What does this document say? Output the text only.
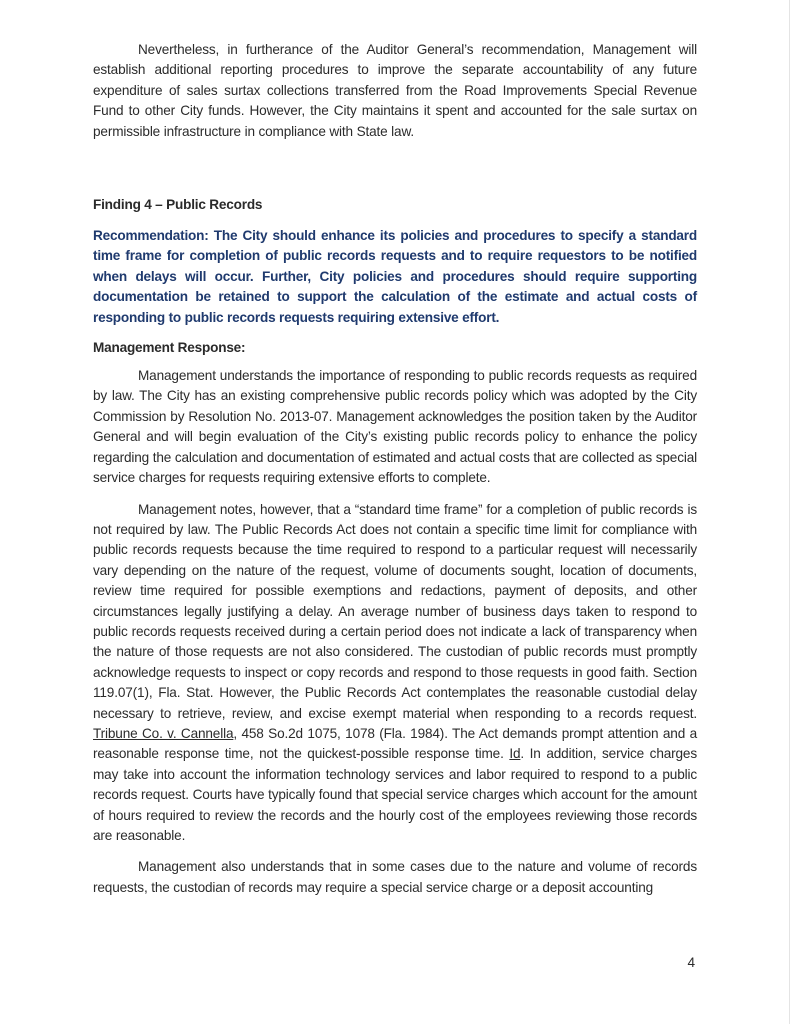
Nevertheless, in furtherance of the Auditor General’s recommendation, Management will establish additional reporting procedures to improve the separate accountability of any future expenditure of sales surtax collections transferred from the Road Improvements Special Revenue Fund to other City funds. However, the City maintains it spent and accounted for the sale surtax on permissible infrastructure in compliance with State law.

Finding 4 – Public Records

Recommendation: The City should enhance its policies and procedures to specify a standard time frame for completion of public records requests and to require requestors to be notified when delays will occur. Further, City policies and procedures should require supporting documentation be retained to support the calculation of the estimate and actual costs of responding to public records requests requiring extensive effort.

Management Response:

Management understands the importance of responding to public records requests as required by law. The City has an existing comprehensive public records policy which was adopted by the City Commission by Resolution No. 2013-07. Management acknowledges the position taken by the Auditor General and will begin evaluation of the City’s existing public records policy to enhance the policy regarding the calculation and documentation of estimated and actual costs that are collected as special service charges for requests requiring extensive efforts to complete.

Management notes, however, that a “standard time frame” for a completion of public records is not required by law. The Public Records Act does not contain a specific time limit for compliance with public records requests because the time required to respond to a particular request will necessarily vary depending on the nature of the request, volume of documents sought, location of documents, review time required for possible exemptions and redactions, payment of deposits, and other circumstances legally justifying a delay. An average number of business days taken to respond to public records requests received during a certain period does not indicate a lack of transparency when the nature of those requests are not also considered. The custodian of public records must promptly acknowledge requests to inspect or copy records and respond to those requests in good faith. Section 119.07(1), Fla. Stat. However, the Public Records Act contemplates the reasonable custodial delay necessary to retrieve, review, and excise exempt material when responding to a records request. Tribune Co. v. Cannella, 458 So.2d 1075, 1078 (Fla. 1984). The Act demands prompt attention and a reasonable response time, not the quickest-possible response time. Id. In addition, service charges may take into account the information technology services and labor required to respond to a public records request. Courts have typically found that special service charges which account for the amount of hours required to review the records and the hourly cost of the employees reviewing those records are reasonable.

Management also understands that in some cases due to the nature and volume of records requests, the custodian of records may require a special service charge or a deposit accounting

4
